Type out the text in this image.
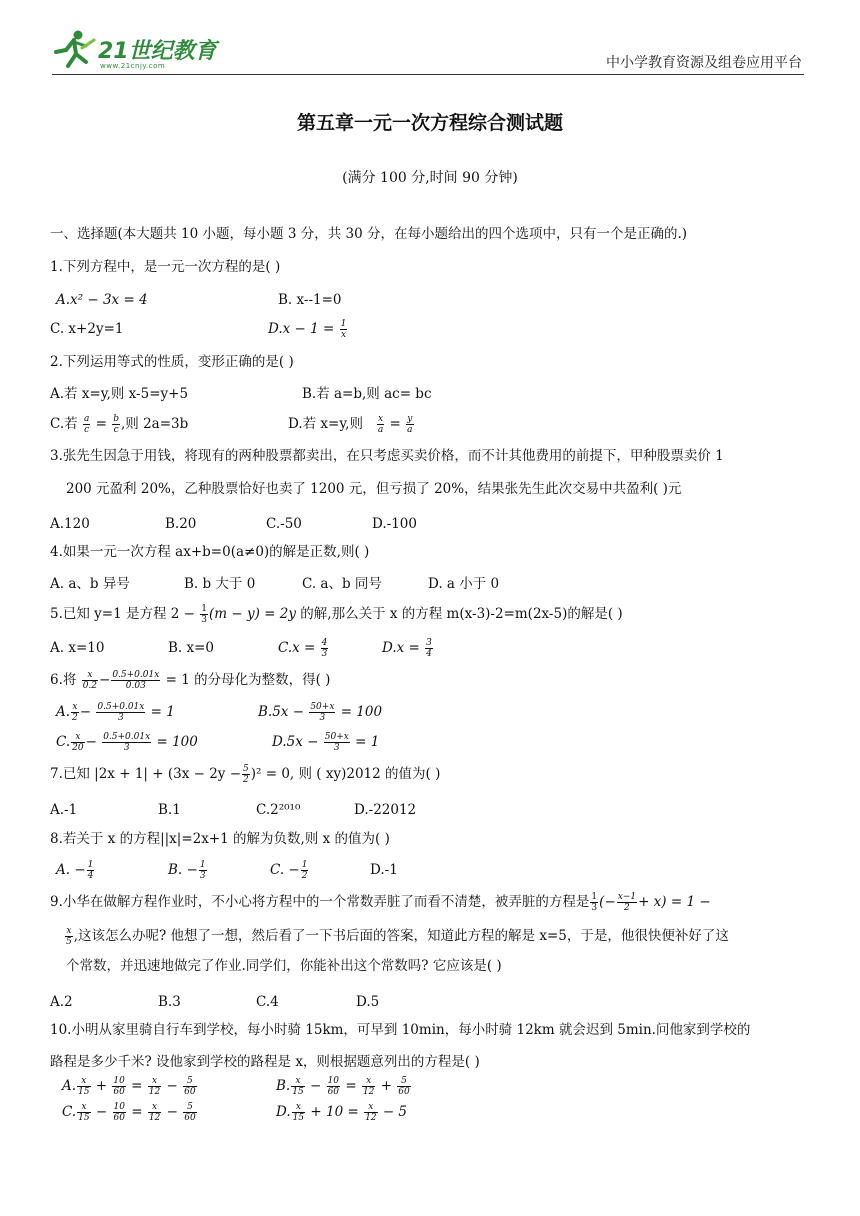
21世纪教育
www.21cnjy.com	中小学教育资源及组卷应用平台
第五章一元一次方程综合测试题
(满分 100 分,时间 90 分钟)
一、选择题(本大题共 10 小题，每小题 3 分，共 30 分，在每小题给出的四个选项中，只有一个是正确的.)
1.下列方程中，是一元一次方程的是( )
A.x² − 3x = 4	B. x--1=0
C. x+2y=1	$D.x - 1 = \frac{1}{x}$
2.下列运用等式的性质，变形正确的是( )
A.若 x=y,则 x-5=y+5	B.若 a=b,则 ac= bc
C.若 $\frac{a}{c} = \frac{b}{c}$ ,则 2a=3b	D.若 x=y,则 $\frac{x}{a} = \frac{y}{a}$
3.张先生因急于用钱，将现有的两种股票都卖出，在只考虑买卖价格，而不计其他费用的前提下，甲种股票卖价 1
200 元盈利 20%，乙种股票恰好也卖了 1200 元，但亏损了 20%，结果张先生此次交易中共盈利( )元
A.120	B.20	C.-50	D.-100
4.如果一元一次方程 ax+b=0(a≠0)的解是正数,则( )
A. a、b 异号	B. b 大于 0	C. a、b 同号	D. a 小于 0
5.已知 y=1 是方程 $2 - \frac{1}{3} (m - y) = 2y$ 的解,那么关于 x 的方程 m(x-3)-2=m(2x-5)的解是( )
A. x=10	B. x=0	$C.x = \frac{4}{3}$	$D.x = \frac{3}{4}$
6.将 $\frac{x}{0.2} - \frac{0.5+0.01x}{0.03} = 1$ 的分母化为整数，得( )
A. $\frac{x}{2} - \frac{0.5+0.01x}{3} = 1$	$B.5x - \frac{50+x}{3} = 100$
C. $\frac{x}{20} - \frac{0.5+0.01x}{3} = 100$	$D.5x - \frac{50+x}{3} = 1$
7.已知 $|2x + 1| + (3x - 2y - \frac{5}{2} )^2 = 0$, 则 ( xy)2012 的值为( )
A.-1	B.1	C.2²⁰¹⁰	D.-22012
8.若关于 x 的方程||x|=2x+1 的解为负数,则 x 的值为( )
A. − $\frac{1}{4}$	B. − $\frac{1}{3}$	C. − $\frac{1}{2}$	D.-1
9.小华在做解方程作业时，不小心将方程中的一个常数弄脏了而看不清楚，被弄脏的方程是 $\frac{1}{3}$ (− $\frac{x-1}{2} + x) = 1$ −
$\frac{x}{5}$ ,这该怎么办呢? 他想了一想，然后看了一下书后面的答案，知道此方程的解是 x=5，于是，他很快便补好了这
个常数，并迅速地做完了作业.同学们，你能补出这个常数吗? 它应该是( )
A.2	B.3	C.4	D.5
10.小明从家里骑自行车到学校，每小时骑 15km，可早到 10min，每小时骑 12km 就会迟到 5min.问他家到学校的
路程是多少千米? 设他家到学校的路程是 x，则根据题意列出的方程是( )
A. $\frac{x}{15} + \frac{10}{60} = \frac{x}{12} - \frac{5}{60}$	B. $\frac{x}{15} - \frac{10}{60} = \frac{x}{12} + \frac{5}{60}$
C. $\frac{x}{15} - \frac{10}{60} = \frac{x}{12} - \frac{5}{60}$	D. $\frac{x}{15} + 10 = \frac{x}{12} - 5$
